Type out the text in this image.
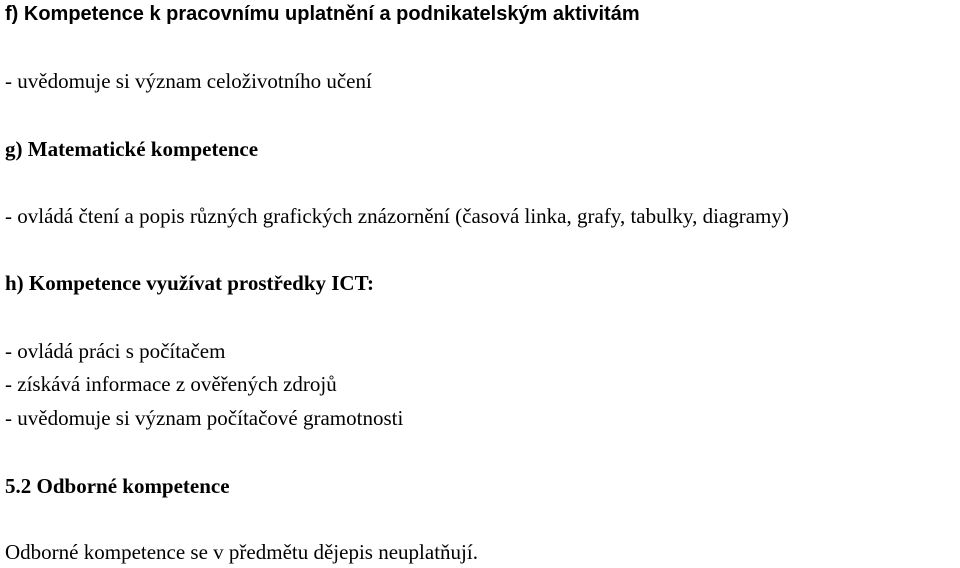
f) Kompetence k pracovnímu uplatnění a podnikatelským aktivitám
- uvědomuje si význam celoživotního učení
g) Matematické kompetence
- ovládá čtení a popis různých grafických znázornění (časová linka, grafy, tabulky, diagramy)
h) Kompetence využívat prostředky ICT:
- ovládá práci s počítačem
- získává informace z ověřených zdrojů
- uvědomuje si význam počítačové gramotnosti
5.2 Odborné kompetence
Odborné kompetence se v předmětu dějepis neuplatňují.
